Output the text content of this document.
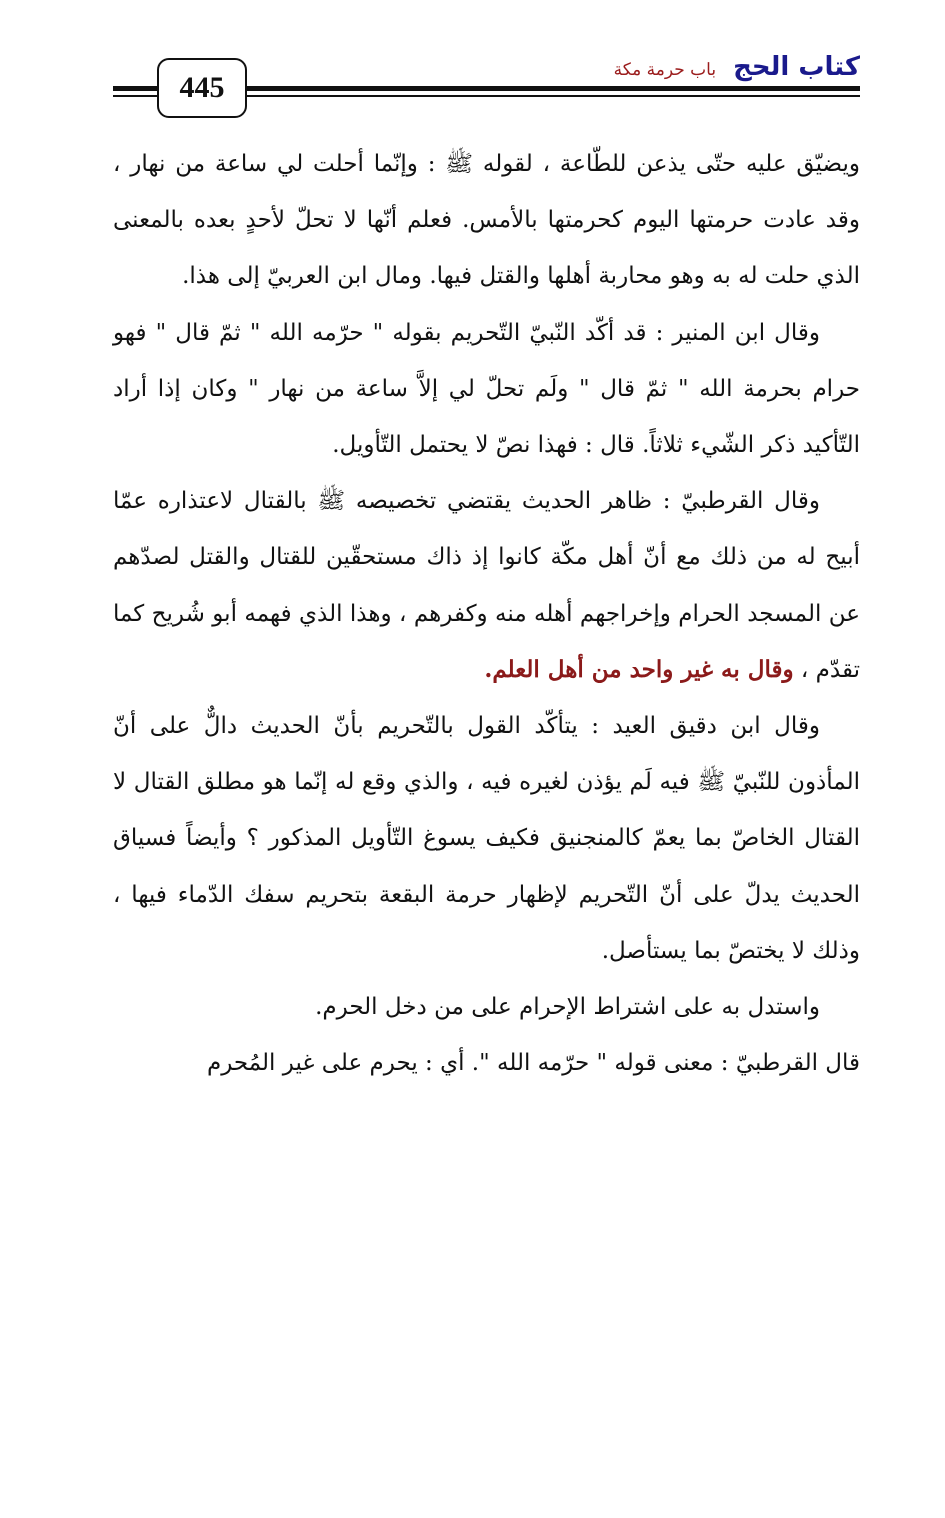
445
كتاب الحج باب حرمة مكة

ويضيّق عليه حتّى يذعن للطّاعة ، لقوله ﷺ : وإنّما أحلت لي ساعة من نهار ، وقد عادت حرمتها اليوم كحرمتها بالأمس. فعلم أنّها لا تحلّ لأحدٍ بعده بالمعنى الذي حلت له به وهو محاربة أهلها والقتل فيها. ومال ابن العربيّ إلى هذا.

وقال ابن المنير : قد أكّد النّبيّ التّحريم بقوله " حرّمه الله " ثمّ قال " فهو حرام بحرمة الله " ثمّ قال " ولَم تحلّ لي إلاَّ ساعة من نهار " وكان إذا أراد التّأكيد ذكر الشّيء ثلاثاً. قال : فهذا نصّ لا يحتمل التّأويل.

وقال القرطبيّ : ظاهر الحديث يقتضي تخصيصه ﷺ بالقتال لاعتذاره عمّا أبيح له من ذلك مع أنّ أهل مكّة كانوا إذ ذاك مستحقّين للقتال والقتل لصدّهم عن المسجد الحرام وإخراجهم أهله منه وكفرهم ، وهذا الذي فهمه أبو شُريح كما تقدّم ، وقال به غير واحد من أهل العلم.

وقال ابن دقيق العيد : يتأكّد القول بالتّحريم بأنّ الحديث دالٌّ على أنّ المأذون للنّبيّ ﷺ فيه لَم يؤذن لغيره فيه ، والذي وقع له إنّما هو مطلق القتال لا القتال الخاصّ بما يعمّ كالمنجنيق فكيف يسوغ التّأويل المذكور ؟ وأيضاً فسياق الحديث يدلّ على أنّ التّحريم لإظهار حرمة البقعة بتحريم سفك الدّماء فيها ، وذلك لا يختصّ بما يستأصل.

واستدل به على اشتراط الإحرام على من دخل الحرم.

قال القرطبيّ : معنى قوله " حرّمه الله ". أي : يحرم على غير المُحرم
